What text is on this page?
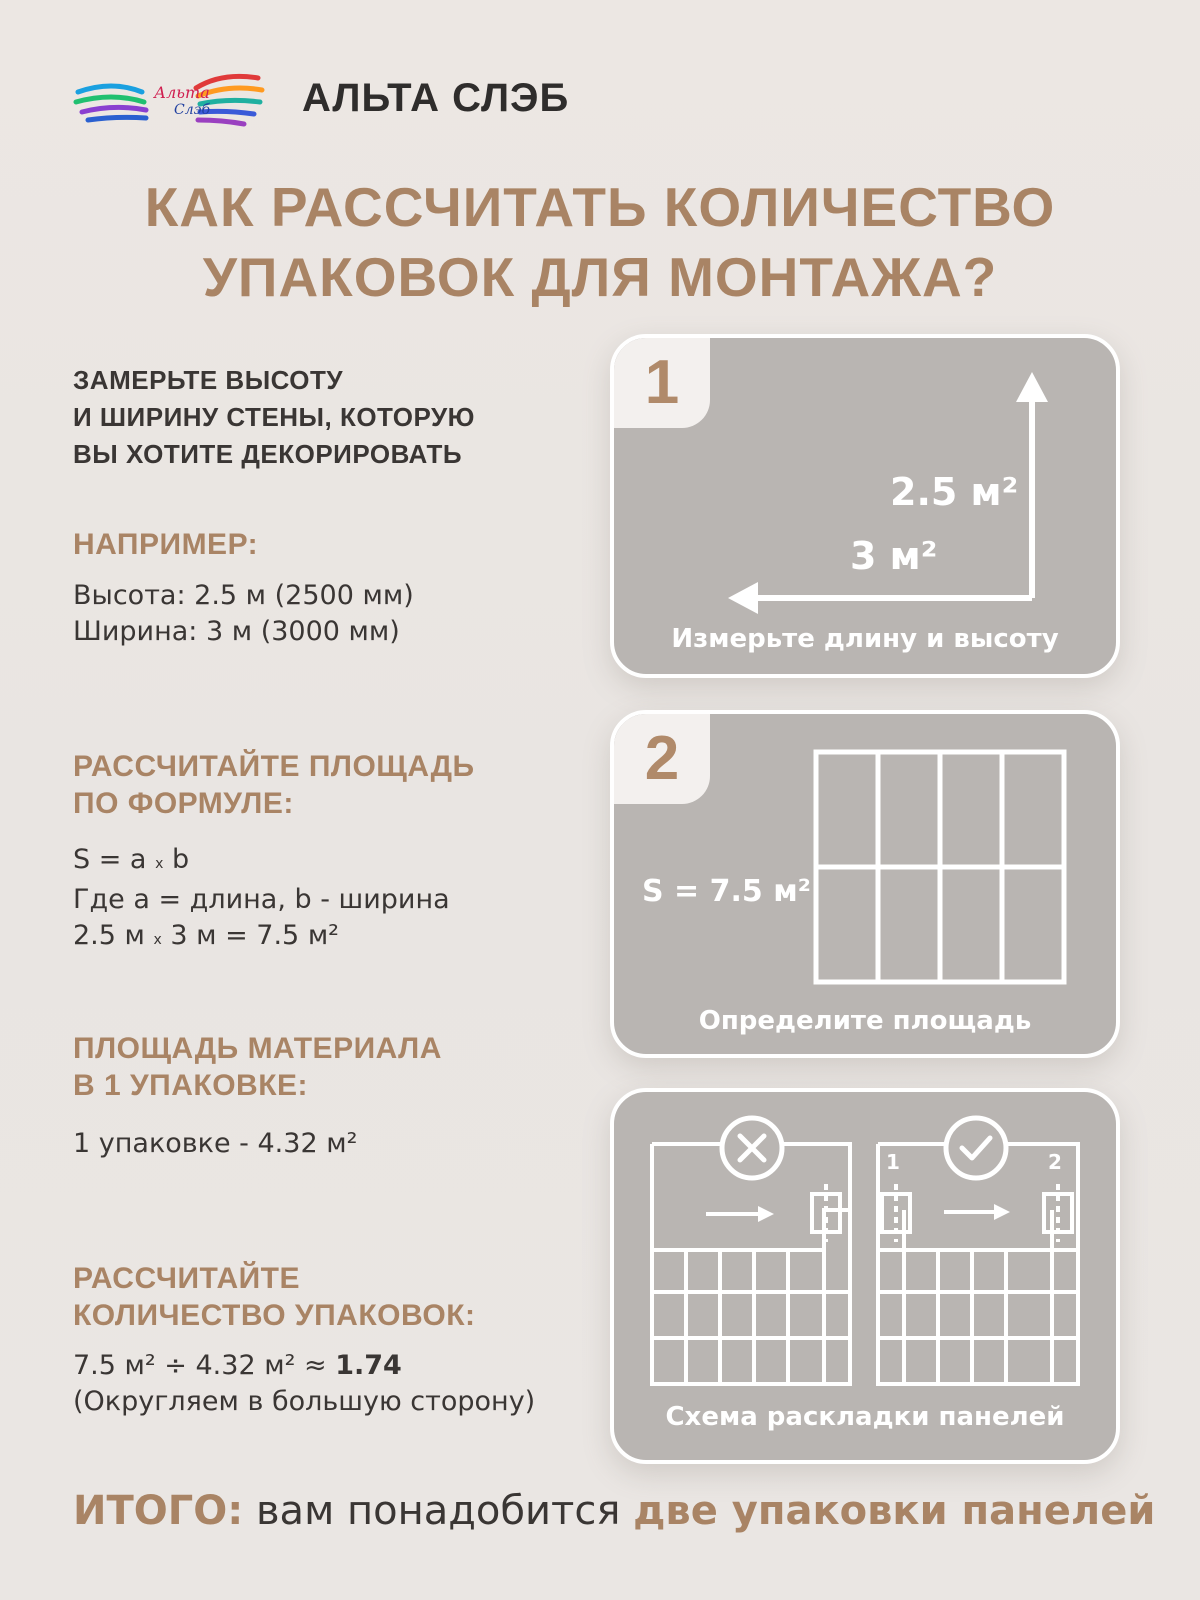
Альта
Слэб АЛЬТА СЛЭБ
КАК РАССЧИТАТЬ КОЛИЧЕСТВО
УПАКОВОК ДЛЯ МОНТАЖА?
ЗАМЕРЬТЕ ВЫСОТУ
И ШИРИНУ СТЕНЫ, КОТОРУЮ
ВЫ ХОТИТЕ ДЕКОРИРОВАТЬ
НАПРИМЕР:
Высота: 2.5 м (2500 мм)
Ширина: 3 м (3000 мм)
РАССЧИТАЙТЕ ПЛОЩАДЬ
ПО ФОРМУЛЕ:
S = a x b
Где a = длина, b - ширина
2.5 м x 3 м = 7.5 м²
ПЛОЩАДЬ МАТЕРИАЛА
В 1 УПАКОВКЕ:
1 упаковке - 4.32 м²
РАССЧИТАЙТЕ
КОЛИЧЕСТВО УПАКОВОК:
7.5 м² ÷ 4.32 м² ≈ 1.74
(Округляем в большую сторону)
1
2.5 м²
3 м²
Измерьте длину и высоту
2
S = 7.5 м²
Определите площадь
1	2
Схема раскладки панелей
ИТОГО: вам понадобится две упаковки панелей
